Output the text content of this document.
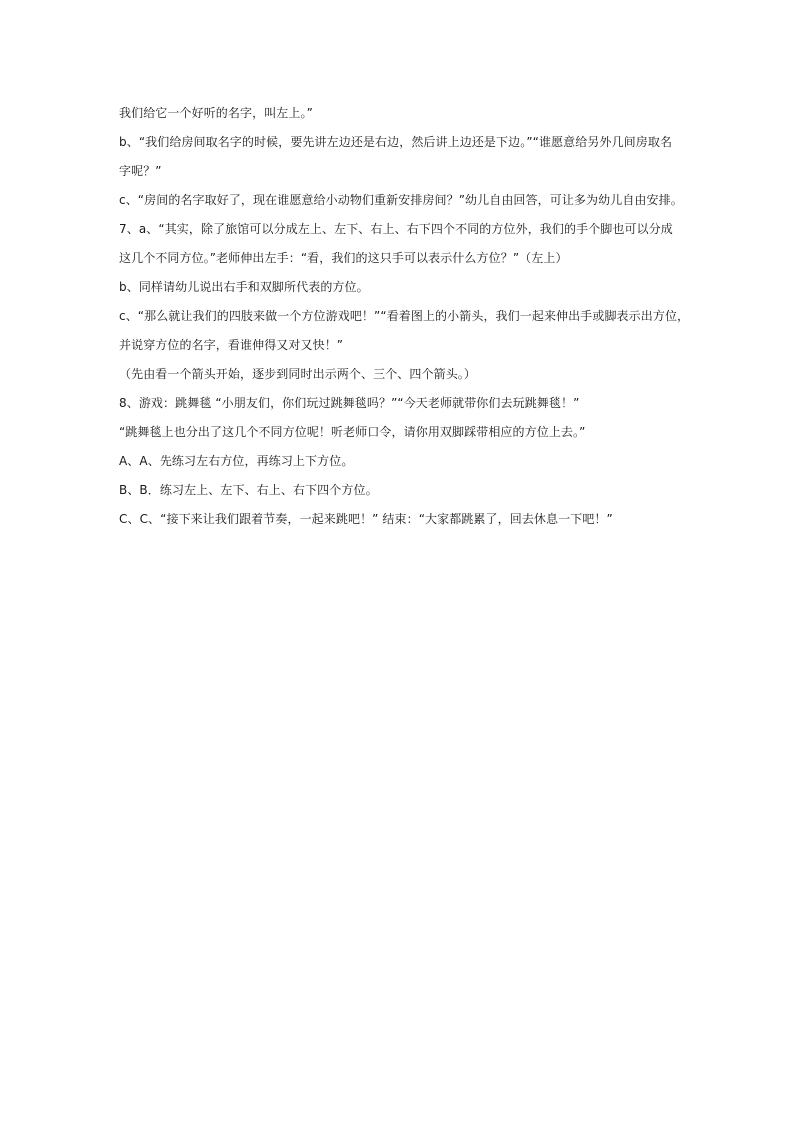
我们给它一个好听的名字，叫左上。”
b、“我们给房间取名字的时候，要先讲左边还是右边，然后讲上边还是下边。”“谁愿意给另外几间房取名
字呢？”
c、“房间的名字取好了，现在谁愿意给小动物们重新安排房间？”幼儿自由回答，可让多为幼儿自由安排。
7、a、“其实，除了旅馆可以分成左上、左下、右上、右下四个不同的方位外，我们的手个脚也可以分成
这几个不同方位。”老师伸出左手：“看，我们的这只手可以表示什么方位？”（左上）
b、同样请幼儿说出右手和双脚所代表的方位。
c、“那么就让我们的四肢来做一个方位游戏吧！”“看着图上的小箭头，我们一起来伸出手或脚表示出方位，
并说穿方位的名字，看谁伸得又对又快！”
（先由看一个箭头开始，逐步到同时出示两个、三个、四个箭头。）
8、游戏：跳舞毯 “小朋友们，你们玩过跳舞毯吗？”“今天老师就带你们去玩跳舞毯！”
“跳舞毯上也分出了这几个不同方位呢！听老师口令，请你用双脚踩带相应的方位上去。”
A、A、先练习左右方位，再练习上下方位。
B、B．练习左上、左下、右上、右下四个方位。
C、C、“接下来让我们跟着节奏，一起来跳吧！” 结束：“大家都跳累了，回去休息一下吧！”
